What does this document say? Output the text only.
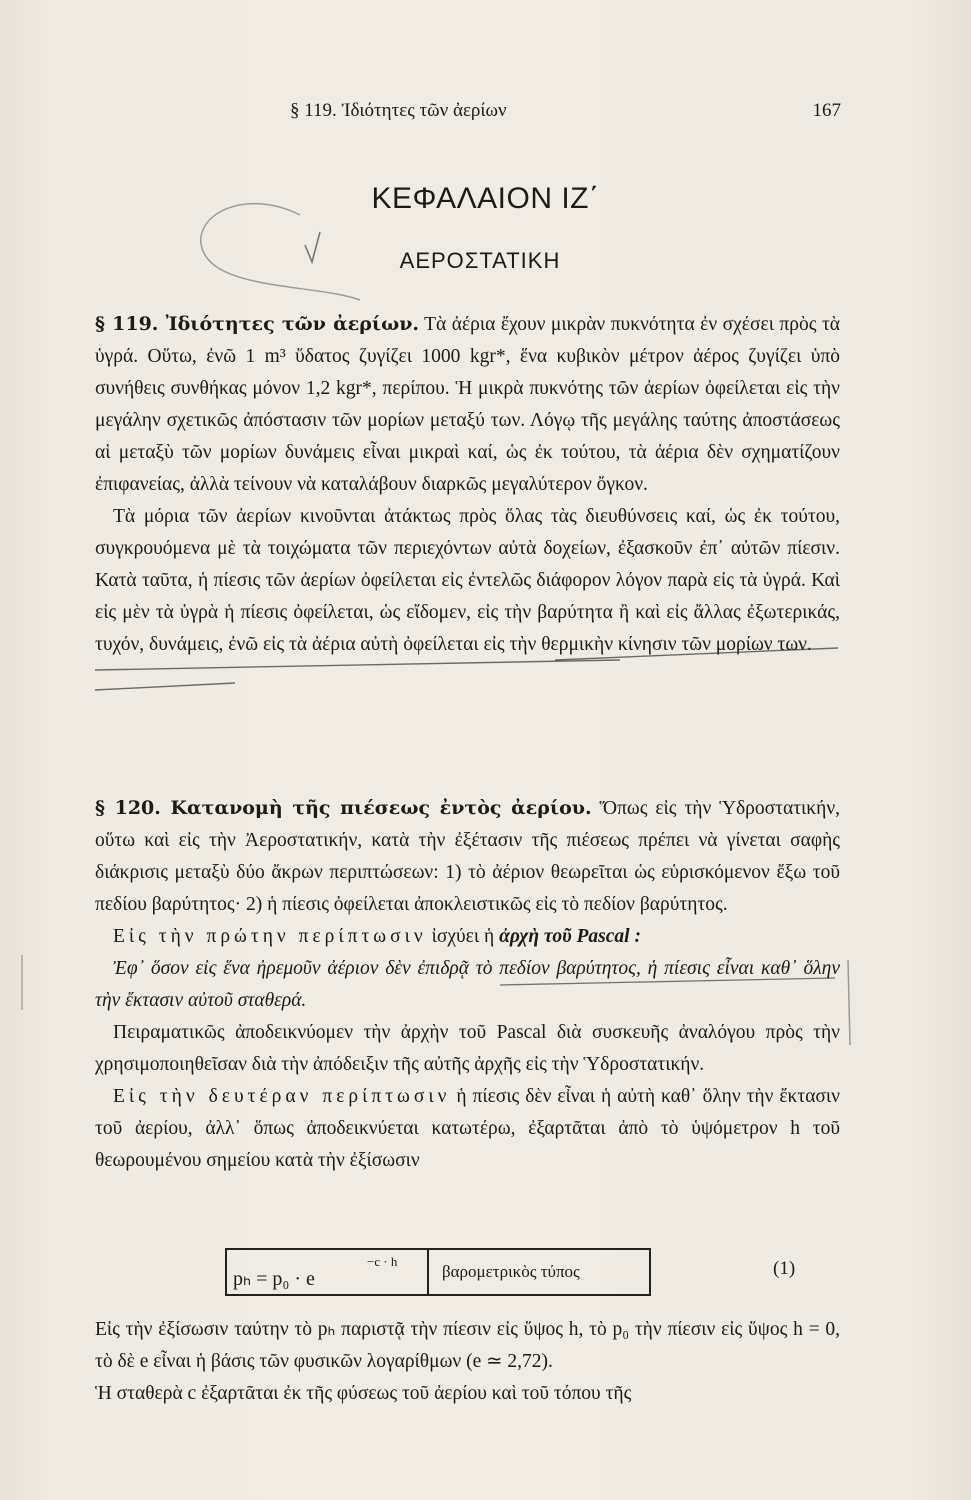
§ 119. Ἰδιότητες τῶν ἀερίων	167
ΚΕΦΑΛΑΙΟΝ ΙΖ΄
ΑΕΡΟΣΤΑΤΙΚΗ

§ 119. Ἰδιότητες τῶν ἀερίων. Τὰ ἀέρια ἔχουν μικρὰν πυκνότητα ἐν σχέσει πρὸς τὰ ὑγρά. Οὕτω, ἐνῶ 1 m³ ὕδατος ζυγίζει 1000 kgr*, ἕνα κυβικὸν μέτρον ἀέρος ζυγίζει ὑπὸ συνήθεις συνθήκας μόνον 1,2 kgr*, περίπου. Ἡ μικρὰ πυκνότης τῶν ἀερίων ὀφείλεται εἰς τὴν μεγάλην σχετικῶς ἀπόστασιν τῶν μορίων μεταξύ των. Λόγῳ τῆς μεγάλης ταύτης ἀποστάσεως αἱ μεταξὺ τῶν μορίων δυνάμεις εἶναι μικραὶ καί, ὡς ἐκ τούτου, τὰ ἀέρια δὲν σχηματίζουν ἐπιφανείας, ἀλλὰ τείνουν νὰ καταλάβουν διαρκῶς μεγαλύτερον ὄγκον.

Τὰ μόρια τῶν ἀερίων κινοῦνται ἀτάκτως πρὸς ὅλας τὰς διευθύνσεις καί, ὡς ἐκ τούτου, συγκρουόμενα μὲ τὰ τοιχώματα τῶν περιεχόντων αὐτὰ δοχείων, ἐξασκοῦν ἐπ᾽ αὐτῶν πίεσιν. Κατὰ ταῦτα, ἡ πίεσις τῶν ἀερίων ὀφείλεται εἰς ἐντελῶς διάφορον λόγον παρὰ εἰς τὰ ὑγρά. Καὶ εἰς μὲν τὰ ὑγρὰ ἡ πίεσις ὀφείλεται, ὡς εἴδομεν, εἰς τὴν βαρύτητα ἢ καὶ εἰς ἄλλας ἐξωτερικάς, τυχόν, δυνάμεις, ἐνῶ εἰς τὰ ἀέρια αὐτὴ ὀφείλεται εἰς τὴν θερμικὴν κίνησιν τῶν μορίων των.

§ 120. Κατανομὴ τῆς πιέσεως ἐντὸς ἀερίου. Ὅπως εἰς τὴν Ὑδροστατικήν, οὕτω καὶ εἰς τὴν Ἀεροστατικήν, κατὰ τὴν ἐξέτασιν τῆς πιέσεως πρέπει νὰ γίνεται σαφὴς διάκρισις μεταξὺ δύο ἄκρων περιπτώσεων: 1) τὸ ἀέριον θεωρεῖται ὡς εὑρισκόμενον ἔξω τοῦ πεδίου βαρύτητος· 2) ἡ πίεσις ὀφείλεται ἀποκλειστικῶς εἰς τὸ πεδίον βαρύτητος.

Εἰς τὴν πρώτην περίπτωσιν ἰσχύει ἡ ἀρχὴ τοῦ Pascal :

Ἐφ᾽ ὅσον εἰς ἕνα ἠρεμοῦν ἀέριον δὲν ἐπιδρᾷ τὸ πεδίον βαρύτητος, ἡ πίεσις εἶναι καθ᾽ ὅλην τὴν ἔκτασιν αὐτοῦ σταθερά.

Πειραματικῶς ἀποδεικνύομεν τὴν ἀρχὴν τοῦ Pascal διὰ συσκευῆς ἀναλόγου πρὸς τὴν χρησιμοποιηθεῖσαν διὰ τὴν ἀπόδειξιν τῆς αὐτῆς ἀρχῆς εἰς τὴν Ὑδροστατικήν.

Εἰς τὴν δευτέραν περίπτωσιν ἡ πίεσις δὲν εἶναι ἡ αὐτὴ καθ᾽ ὅλην τὴν ἔκτασιν τοῦ ἀερίου, ἀλλ᾽ ὅπως ἀποδεικνύεται κατωτέρω, ἐξαρτᾶται ἀπὸ τὸ ὑψόμετρον h τοῦ θεωρουμένου σημείου κατὰ τὴν ἐξίσωσιν

pₕ = p₀ · e
−c · h
βαρομετρικὸς τύπος	(1)

Εἰς τὴν ἐξίσωσιν ταύτην τὸ pₕ παριστᾷ τὴν πίεσιν εἰς ὕψος h, τὸ p₀ τὴν πίεσιν εἰς ὕψος h = 0, τὸ δὲ e εἶναι ἡ βάσις τῶν φυσικῶν λογαρίθμων (e ≃ 2,72).

Ἡ σταθερὰ c ἐξαρτᾶται ἐκ τῆς φύσεως τοῦ ἀερίου καὶ τοῦ τόπου τῆς
